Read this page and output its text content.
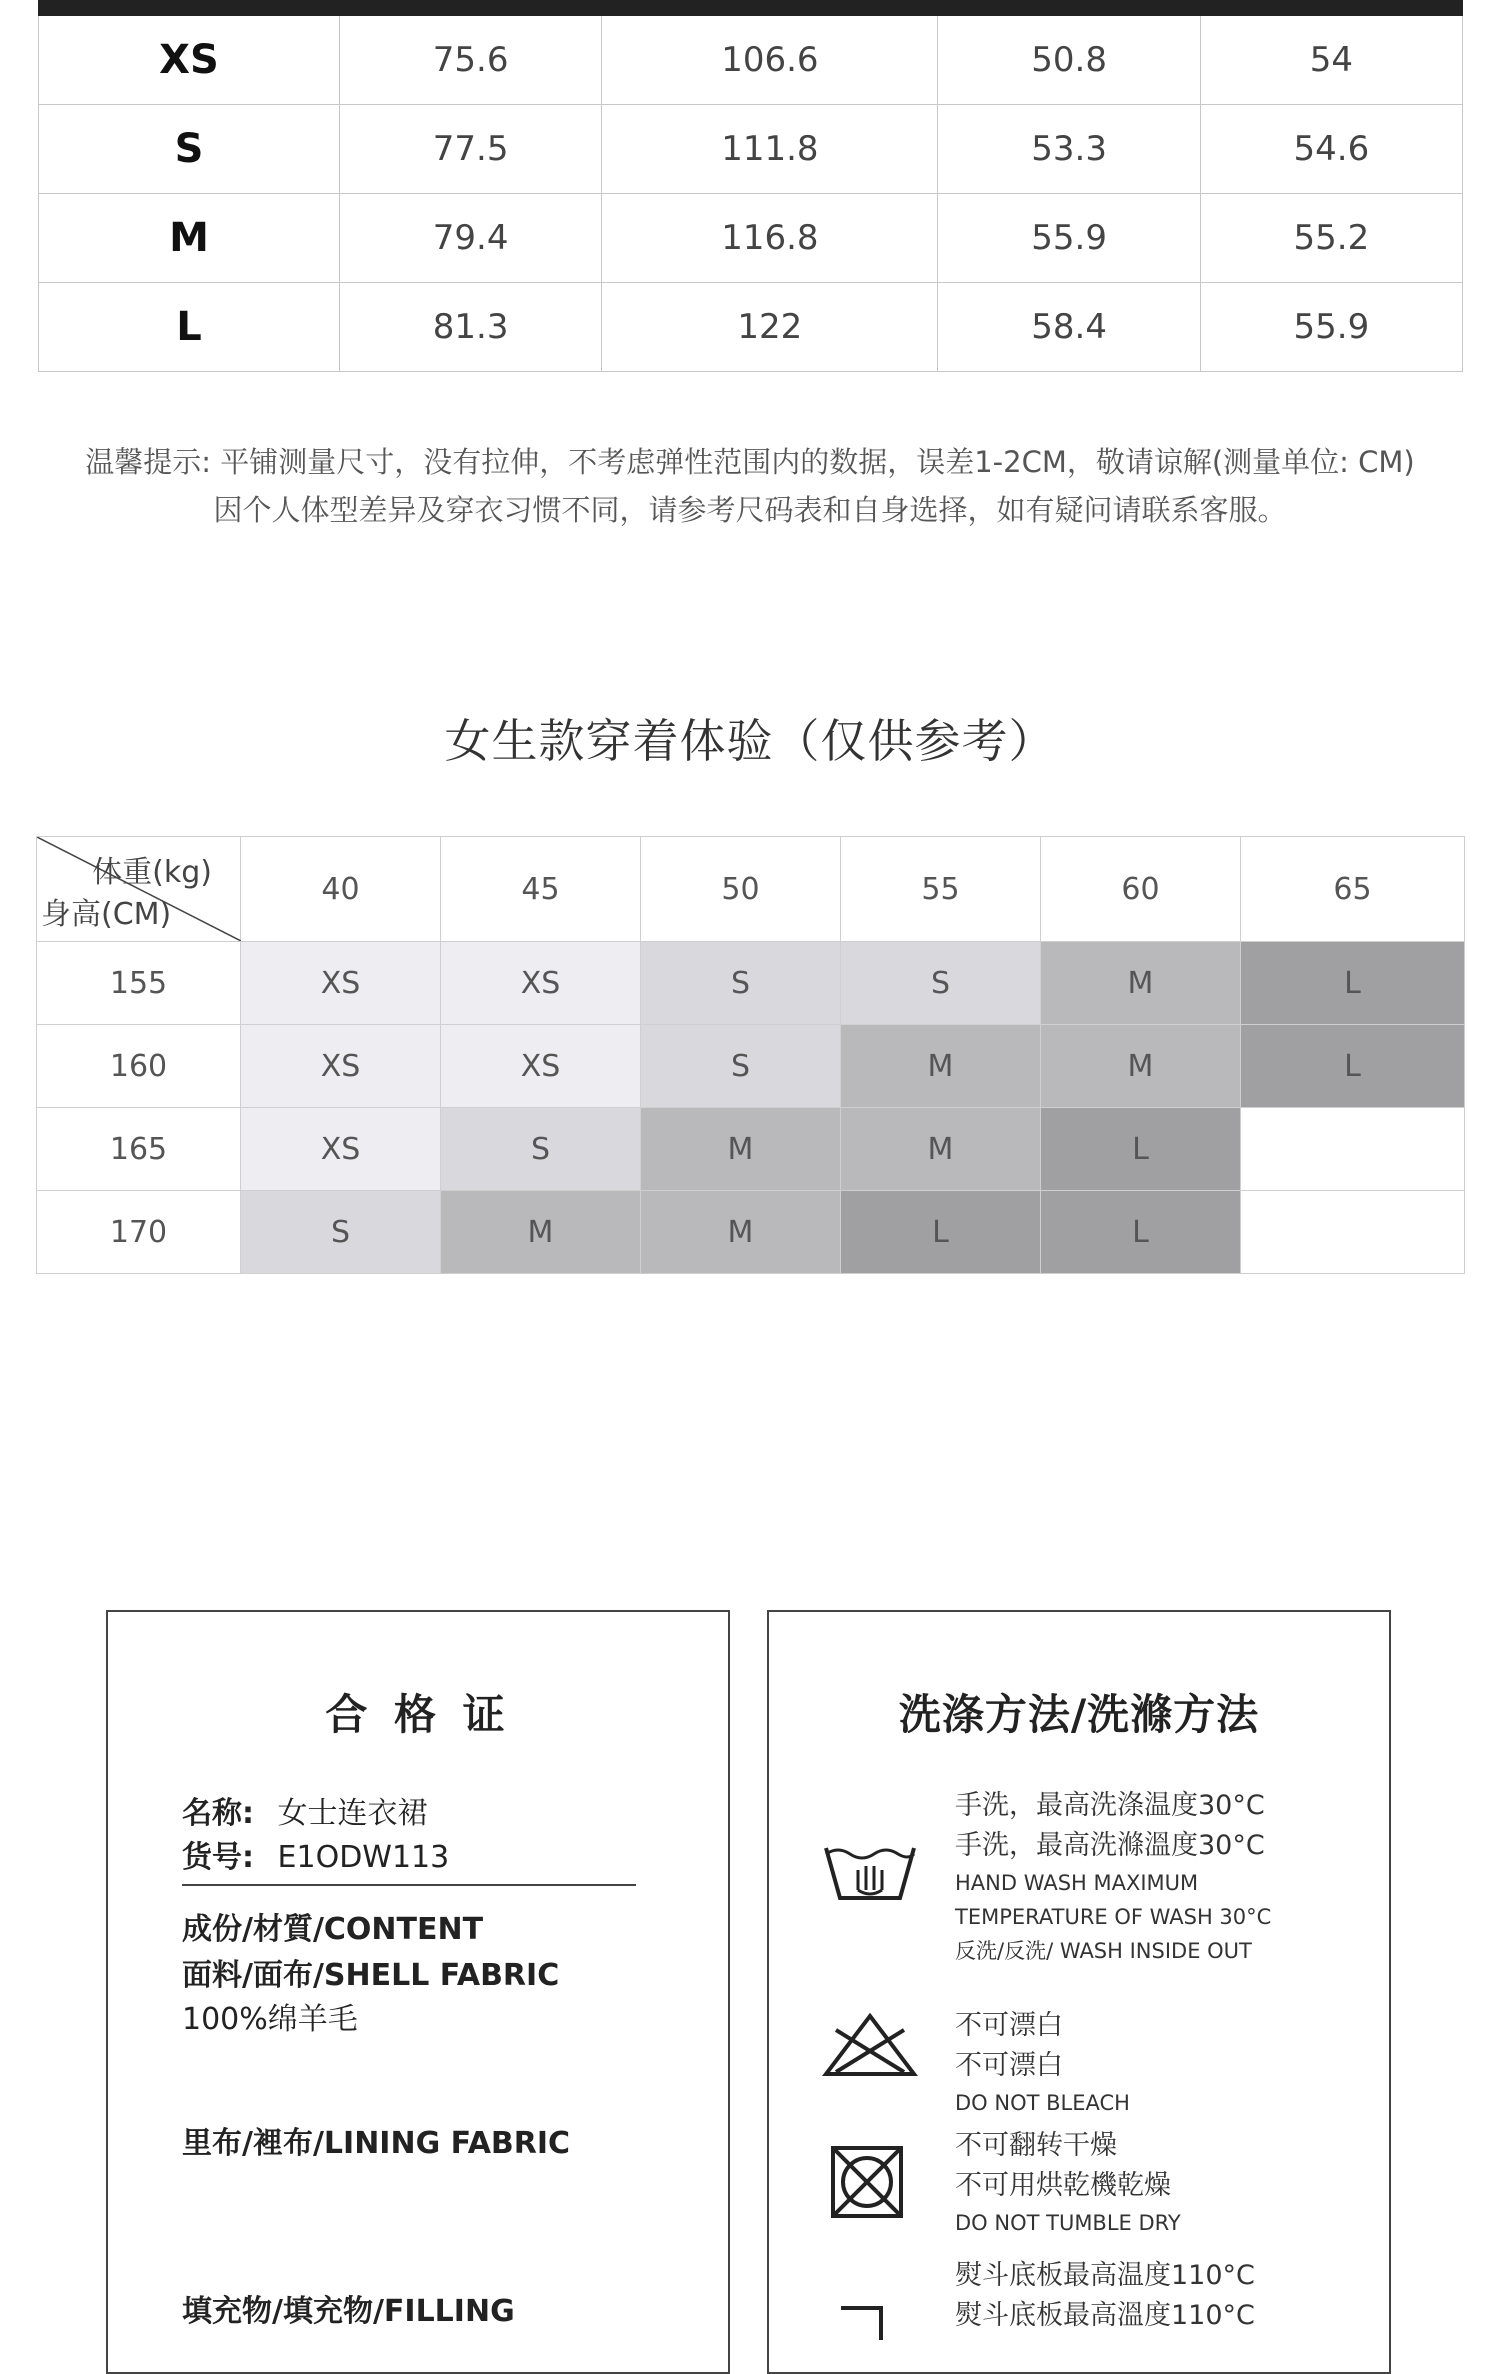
XS	75.6	106.6	50.8	54
S	77.5	111.8	53.3	54.6
M	79.4	116.8	55.9	55.2
L	81.3	122	58.4	55.9
温馨提示: 平铺测量尺寸，没有拉伸，不考虑弹性范围内的数据，误差1-2CM，敬请谅解(测量单位: CM)
因个人体型差异及穿衣习惯不同，请参考尺码表和自身选择，如有疑问请联系客服。
女生款穿着体验（仅供参考）
体重(kg)
身高(CM)	40	45	50	55	60	65
155	XS	XS	S	S	M	L
160	XS	XS	S	M	M	L
165	XS	S	M	M	L	
170	S	M	M	L	L	
合 格 证
名称: 女士连衣裙
货号: E1ODW113
成份/材質/CONTENT
面料/面布/SHELL FABRIC
100%绵羊毛
里布/裡布/LINING FABRIC
填充物/填充物/FILLING
洗涤方法/洗滌方法
手洗，最高洗涤温度30°C
手洗，最高洗滌溫度30°C
HAND WASH MAXIMUM
TEMPERATURE OF WASH 30°C
反洗/反洗/ WASH INSIDE OUT
不可漂白
不可漂白
DO NOT BLEACH
不可翻转干燥
不可用烘乾機乾燥
DO NOT TUMBLE DRY
熨斗底板最高温度110°C
熨斗底板最高溫度110°C
